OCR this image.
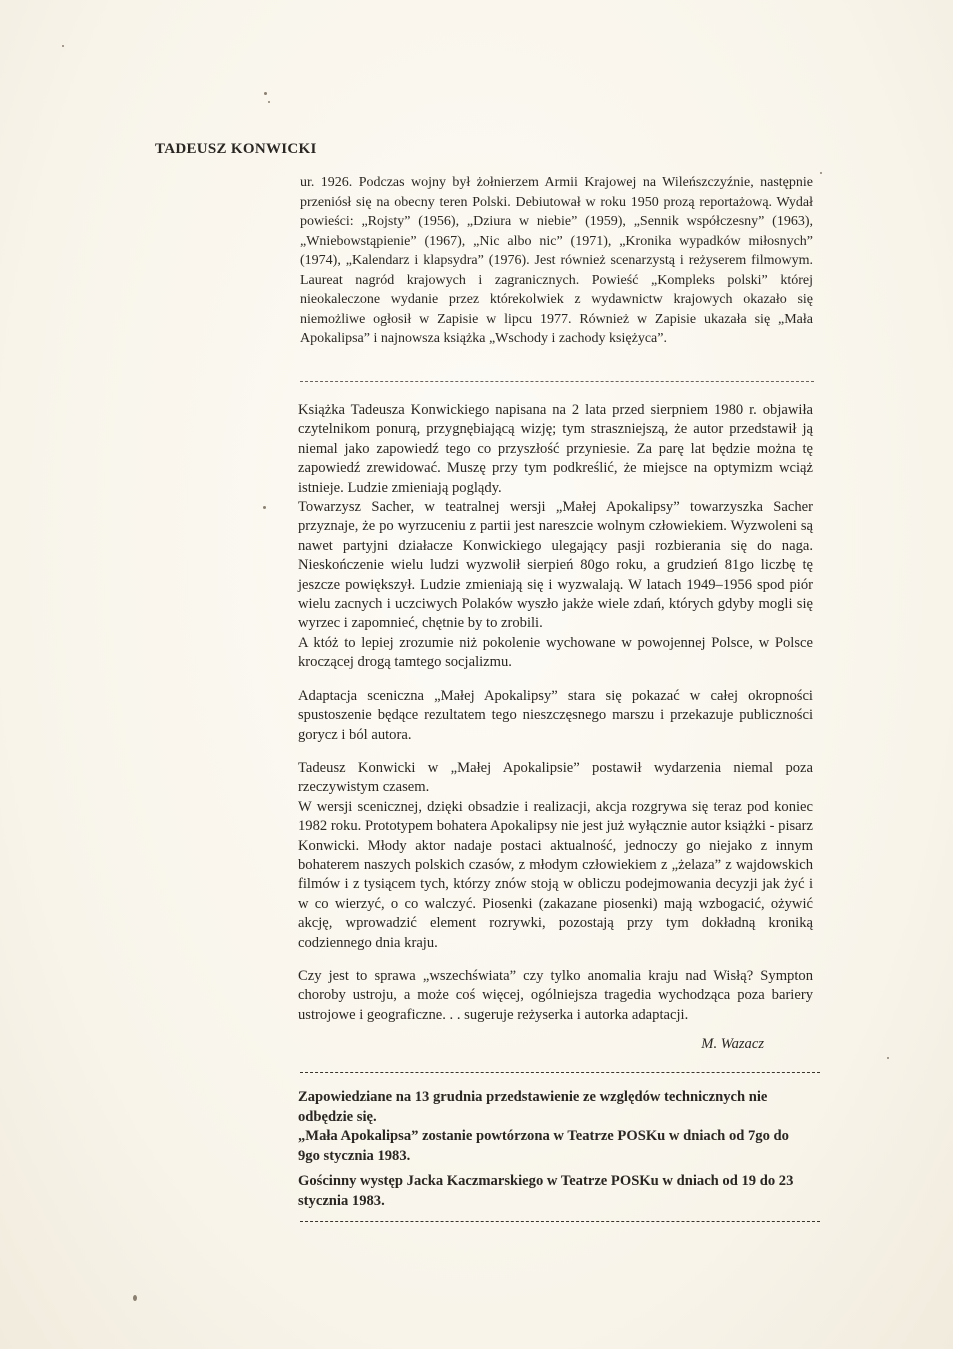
TADEUSZ KONWICKI

ur. 1926. Podczas wojny był żołnierzem Armii Krajowej na Wileńszczyźnie, następnie przeniósł się na obecny teren Polski. Debiutował w roku 1950 prozą reportażową. Wydał powieści: „Rojsty” (1956), „Dziura w niebie” (1959), „Sennik współczesny” (1963), „Wniebowstąpienie” (1967), „Nic albo nic” (1971), „Kronika wypadków miłosnych” (1974), „Kalendarz i klapsydra” (1976). Jest również scenarzystą i reżyserem filmowym. Laureat nagród krajowych i zagranicznych. Powieść „Kompleks polski” której nieokaleczone wydanie przez którekolwiek z wydawnictw krajowych okazało się niemożliwe ogłosił w Zapisie w lipcu 1977. Również w Zapisie ukazała się „Mała Apokalipsa” i najnowsza książka „Wschody i zachody księżyca”.

Książka Tadeusza Konwickiego napisana na 2 lata przed sierpniem 1980 r. objawiła czytelnikom ponurą, przygnębiającą wizję; tym straszniejszą, że autor przedstawił ją niemal jako zapowiedź tego co przyszłość przyniesie. Za parę lat będzie można tę zapowiedź zrewidować. Muszę przy tym podkreślić, że miejsce na optymizm wciąż istnieje. Ludzie zmieniają poglądy.

Towarzysz Sacher, w teatralnej wersji „Małej Apokalipsy” towarzyszka Sacher przyznaje, że po wyrzuceniu z partii jest nareszcie wolnym człowiekiem. Wyzwoleni są nawet partyjni działacze Konwickiego ulegający pasji rozbierania się do naga. Nieskończenie wielu ludzi wyzwolił sierpień 80go roku, a grudzień 81go liczbę tę jeszcze powiększył. Ludzie zmieniają się i wyzwalają. W latach 1949–1956 spod piór wielu zacnych i uczciwych Polaków wyszło jakże wiele zdań, których gdyby mogli się wyrzec i zapomnieć, chętnie by to zrobili.

A któż to lepiej zrozumie niż pokolenie wychowane w powojennej Polsce, w Polsce kroczącej drogą tamtego socjalizmu.

Adaptacja sceniczna „Małej Apokalipsy” stara się pokazać w całej okropności spustoszenie będące rezultatem tego nieszczęsnego marszu i przekazuje publiczności gorycz i ból autora.

Tadeusz Konwicki w „Małej Apokalipsie” postawił wydarzenia niemal poza rzeczywistym czasem.

W wersji scenicznej, dzięki obsadzie i realizacji, akcja rozgrywa się teraz pod koniec 1982 roku. Prototypem bohatera Apokalipsy nie jest już wyłącznie autor książki - pisarz Konwicki. Młody aktor nadaje postaci aktualność, jednoczy go niejako z innym bohaterem naszych polskich czasów, z młodym człowiekiem z „żelaza” z wajdowskich filmów i z tysiącem tych, którzy znów stoją w obliczu podejmowania decyzji jak żyć i w co wierzyć, o co walczyć. Piosenki (zakazane piosenki) mają wzbogacić, ożywić akcję, wprowadzić element rozrywki, pozostają przy tym dokładną kroniką codziennego dnia kraju.

Czy jest to sprawa „wszechświata” czy tylko anomalia kraju nad Wisłą? Sympton choroby ustroju, a może coś więcej, ogólniejsza tragedia wychodząca poza bariery ustrojowe i geograficzne. . . sugeruje reżyserka i autorka adaptacji.

M. Wazacz

Zapowiedziane na 13 grudnia przedstawienie ze względów technicznych nie odbędzie się.

„Mała Apokalipsa” zostanie powtórzona w Teatrze POSKu w dniach od 7go do 9go stycznia 1983.

Gościnny występ Jacka Kaczmarskiego w Teatrze POSKu w dniach od 19 do 23 stycznia 1983.
